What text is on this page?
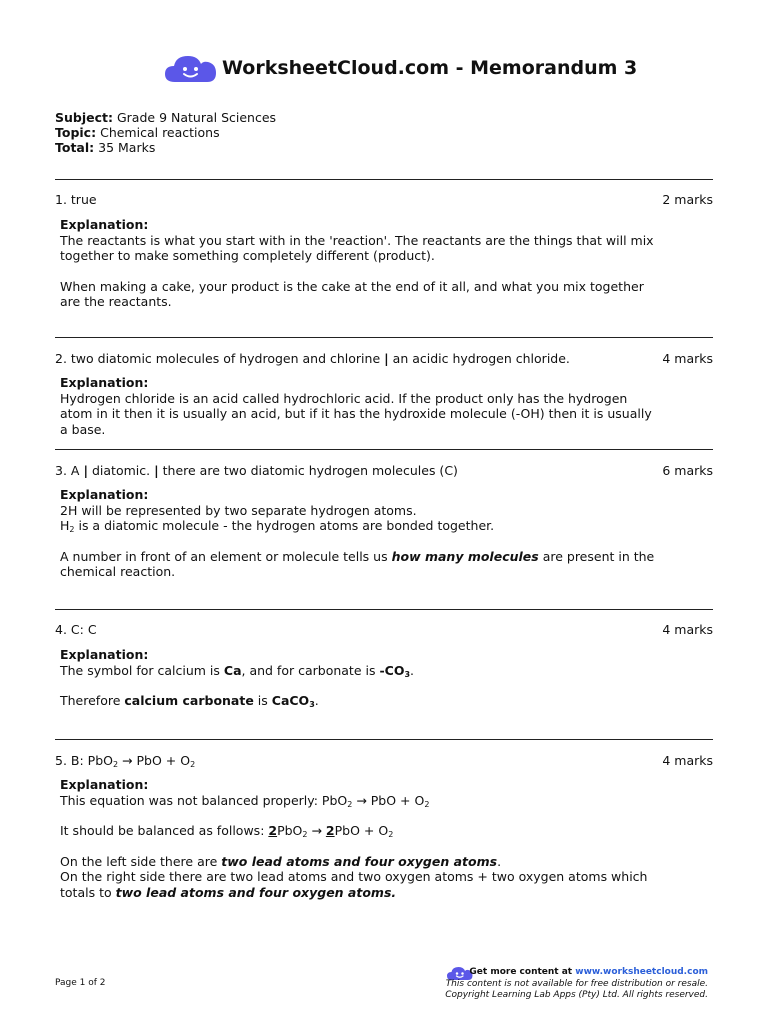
WorksheetCloud.com - Memorandum 3
Subject: Grade 9 Natural Sciences
Topic: Chemical reactions
Total: 35 Marks
1. true	2 marks
Explanation:

The reactants is what you start with in the 'reaction'. The reactants are the things that will mix together to make something completely different (product).

When making a cake, your product is the cake at the end of it all, and what you mix together are the reactants.

2. two diatomic molecules of hydrogen and chlorine | an acidic hydrogen chloride.	4 marks
Explanation:

Hydrogen chloride is an acid called hydrochloric acid. If the product only has the hydrogen atom in it then it is usually an acid, but if it has the hydroxide molecule (-OH) then it is usually a base.

3. A | diatomic. | there are two diatomic hydrogen molecules (C)	6 marks
Explanation:

2H will be represented by two separate hydrogen atoms.

$H_2$ is a diatomic molecule - the hydrogen atoms are bonded together.

A number in front of an element or molecule tells us how many molecules are present in the chemical reaction.

4. C: C	4 marks
Explanation:

The symbol for calcium is Ca, and for carbonate is $-CO_3$.

Therefore calcium carbonate is CaCO$_3$.

5. B: PbO$_2$ → PbO + $O_2$	4 marks
Explanation:

This equation was not balanced properly: PbO$_2$ → PbO + $O_2$

It should be balanced as follows: $2PbO_2 \to 2PbO + O_2$

On the left side there are two lead atoms and four oxygen atoms.

On the right side there are two lead atoms and two oxygen atoms + two oxygen atoms which totals to two lead atoms and four oxygen atoms.

Page 1 of 2
Get more content at www.worksheetcloud.com
This content is not available for free distribution or resale.
Copyright Learning Lab Apps (Pty) Ltd. All rights reserved.
